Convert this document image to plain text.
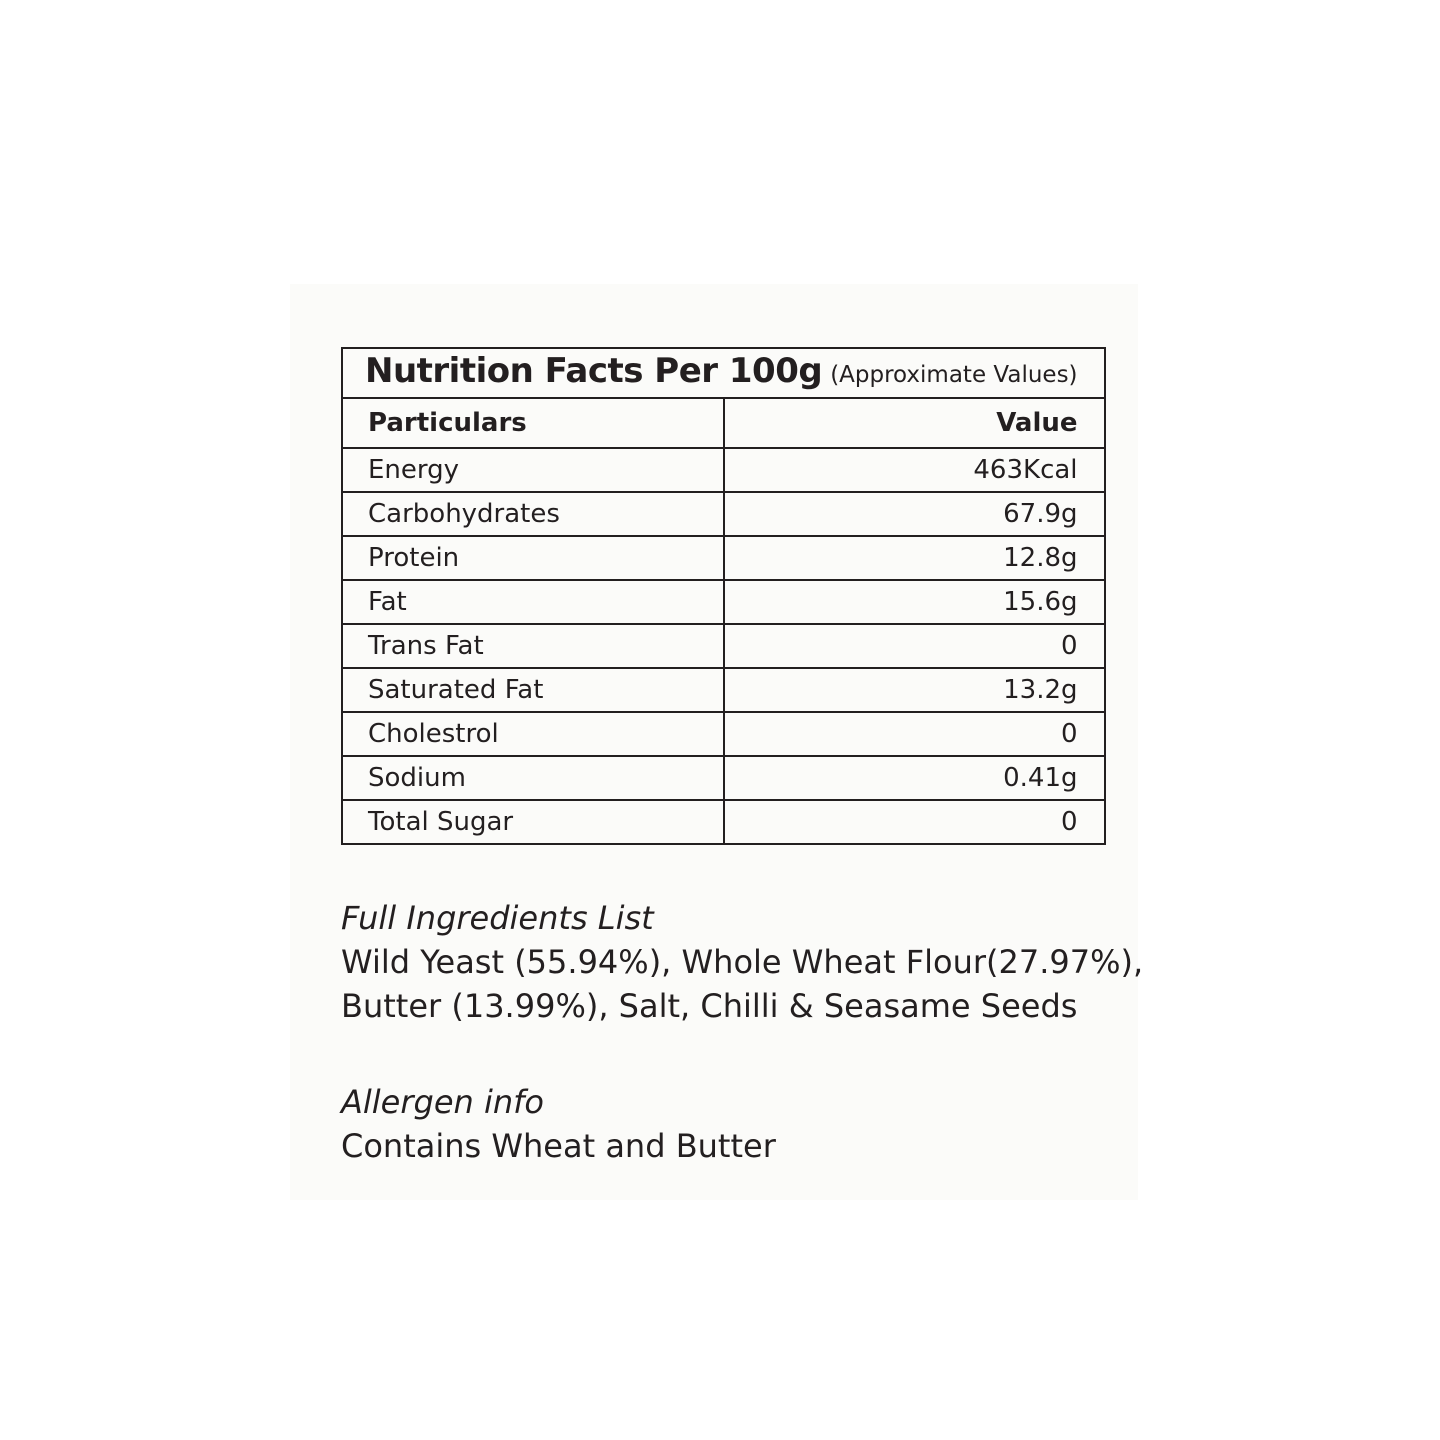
Nutrition Facts Per 100g (Approximate Values)	
Particulars	Value
Energy	463Kcal
Carbohydrates	67.9g
Protein	12.8g
Fat	15.6g
Trans Fat	0
Saturated Fat	13.2g
Cholestrol	0
Sodium	0.41g
Total Sugar	0
Full Ingredients List
Wild Yeast (55.94%), Whole Wheat Flour(27.97%),
Butter (13.99%), Salt, Chilli & Seasame Seeds
Allergen info
Contains Wheat and Butter
